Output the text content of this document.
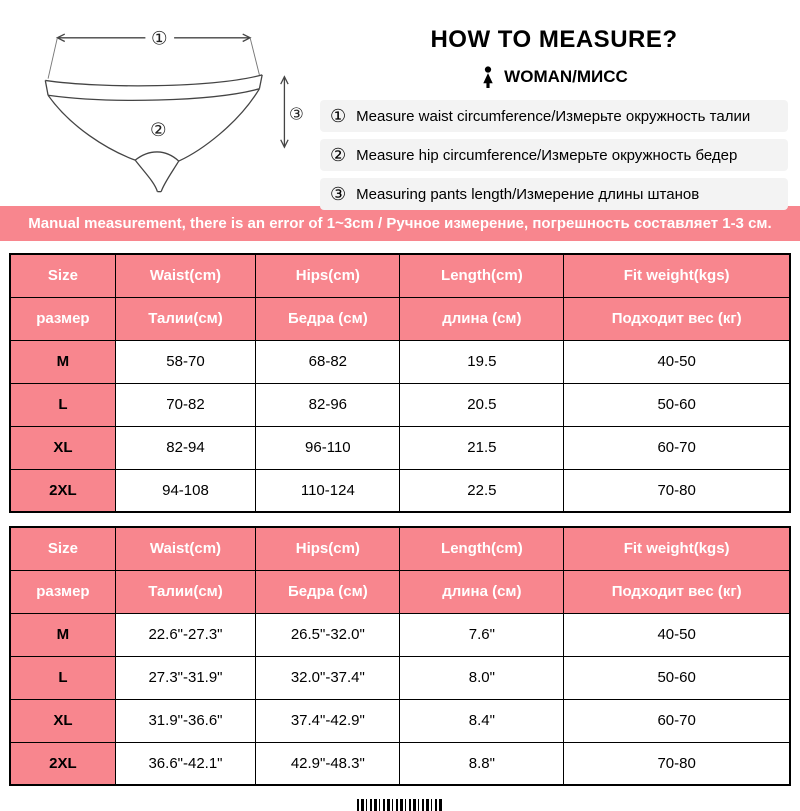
①
②
③
HOW TO MEASURE?
WOMAN/МИСС
① Measure waist circumference/Измерьте окружность талии
② Measure hip circumference/Измерьте окружность бедер
③ Measuring pants length/Измерение длины штанов
Manual measurement, there is an error of 1~3cm / Ручное измерение, погрешность составляет 1-3 см.
Size	Waist(cm)	Hips(cm)	Length(cm)	Fit weight(kgs)
размер	Талии(см)	Бедра (см)	длина (см)	Подходит вес (кг)
M	58-70	68-82	19.5	40-50
L	70-82	82-96	20.5	50-60
XL	82-94	96-110	21.5	60-70
2XL	94-108	110-124	22.5	70-80
Size	Waist(cm)	Hips(cm)	Length(cm)	Fit weight(kgs)
размер	Талии(см)	Бедра (см)	длина (см)	Подходит вес (кг)
M	22.6"-27.3"	26.5"-32.0"	7.6"	40-50
L	27.3"-31.9"	32.0"-37.4"	8.0"	50-60
XL	31.9"-36.6"	37.4"-42.9"	8.4"	60-70
2XL	36.6"-42.1"	42.9"-48.3"	8.8"	70-80
